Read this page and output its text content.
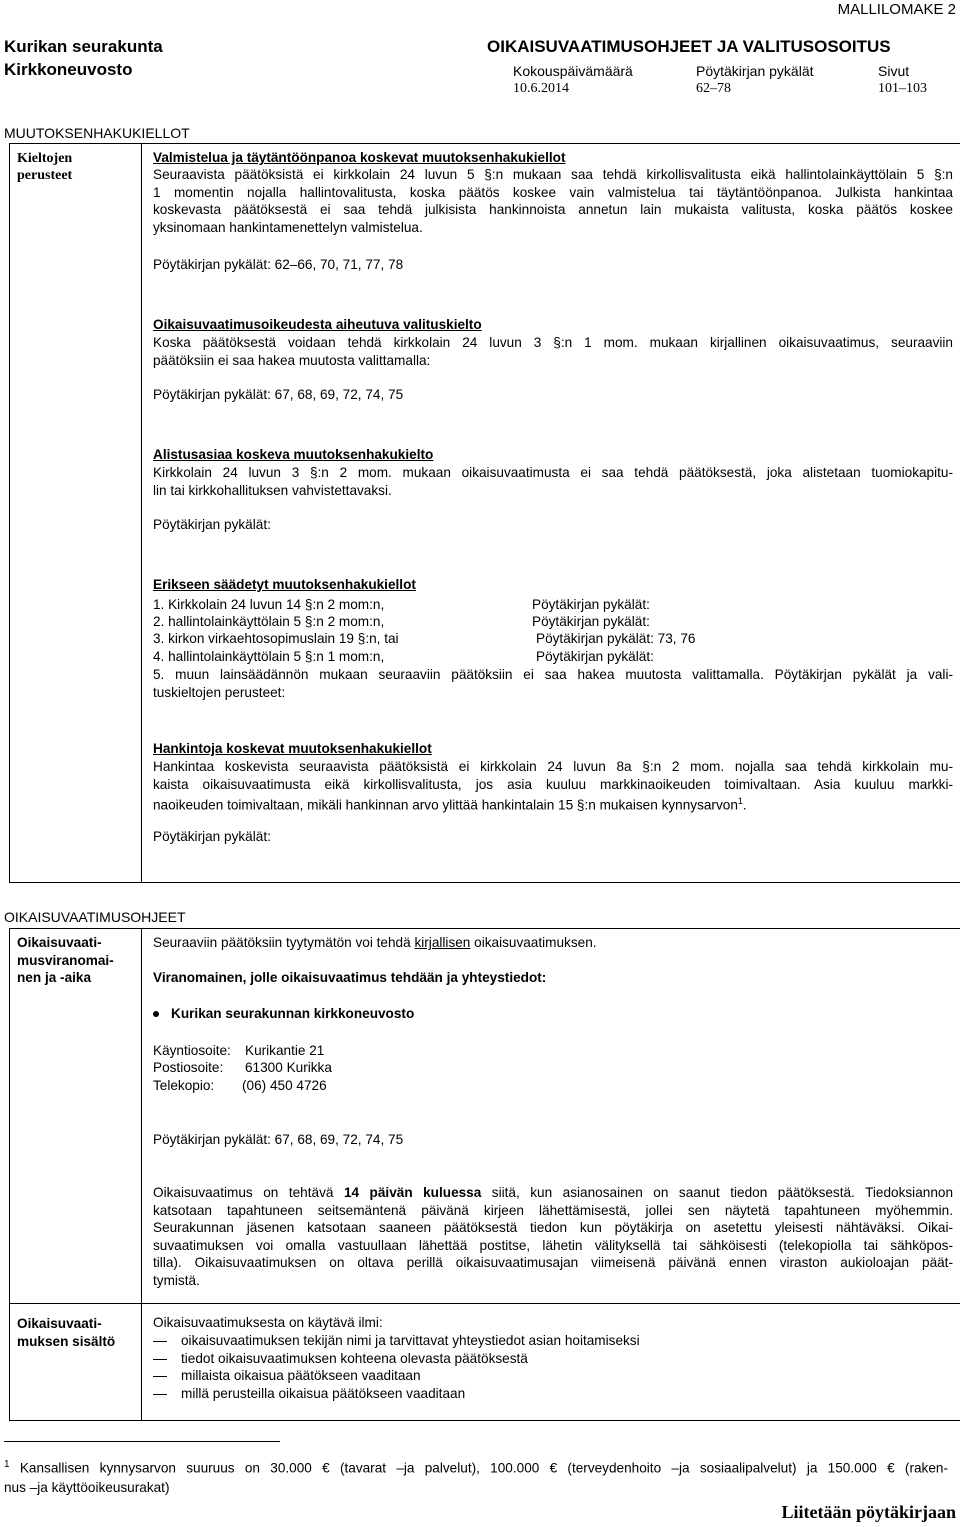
MALLILOMAKE 2
Kurikan seurakunta
Kirkkoneuvosto
OIKAISUVAATIMUSOHJEET JA VALITUSOSOITUS
Kokouspäivämäärä	Pöytäkirjan pykälät	Sivut
10.6.2014	62–78	101–103
MUUTOKSENHAKUKIELLOT
Kieltojen
perusteet
Valmistelua ja täytäntöönpanoa koskevat muutoksenhakukiellot
Seuraavista päätöksistä ei kirkkolain 24 luvun 5 §:n mukaan saa tehdä kirkollisvalitusta eikä hallintolainkäyttölain 5 §:n
1 momentin nojalla hallintovalitusta, koska päätös koskee vain valmistelua tai täytäntöönpanoa. Julkista hankintaa
koskevasta päätöksestä ei saa tehdä julkisista hankinnoista annetun lain mukaista valitusta, koska päätös koskee
yksinomaan hankintamenettelyn valmistelua.
Pöytäkirjan pykälät: 62–66, 70, 71, 77, 78
Oikaisuvaatimusoikeudesta aiheutuva valituskielto
Koska päätöksestä voidaan tehdä kirkkolain 24 luvun 3 §:n 1 mom. mukaan kirjallinen oikaisuvaatimus, seuraaviin
päätöksiin ei saa hakea muutosta valittamalla:
Pöytäkirjan pykälät: 67, 68, 69, 72, 74, 75
Alistusasiaa koskeva muutoksenhakukielto
Kirkkolain 24 luvun 3 §:n 2 mom. mukaan oikaisuvaatimusta ei saa tehdä päätöksestä, joka alistetaan tuomiokapitu-
lin tai kirkkohallituksen vahvistettavaksi.
Pöytäkirjan pykälät:
Erikseen säädetyt muutoksenhakukiellot
1. Kirkkolain 24 luvun 14 §:n 2 mom:n,	Pöytäkirjan pykälät:
2. hallintolainkäyttölain 5 §:n 2 mom:n,	Pöytäkirjan pykälät:
3. kirkon virkaehtosopimuslain 19 §:n, tai	Pöytäkirjan pykälät: 73, 76
4. hallintolainkäyttölain 5 §:n 1 mom:n,	Pöytäkirjan pykälät:
5. muun lainsäädännön mukaan seuraaviin päätöksiin ei saa hakea muutosta valittamalla. Pöytäkirjan pykälät ja vali-
tuskieltojen perusteet:
Hankintoja koskevat muutoksenhakukiellot
Hankintaa koskevista seuraavista päätöksistä ei kirkkolain 24 luvun 8a §:n 2 mom. nojalla saa tehdä kirkkolain mu-
kaista oikaisuvaatimusta eikä kirkollisvalitusta, jos asia kuuluu markkinaoikeuden toimivaltaan. Asia kuuluu markki-
naoikeuden toimivaltaan, mikäli hankinnan arvo ylittää hankintalain 15 §:n mukaisen kynnysarvon$^1$.
Pöytäkirjan pykälät:
OIKAISUVAATIMUSOHJEET
Oikaisuvaati-
musviranomai-
nen ja -aika
Seuraaviin päätöksiin tyytymätön voi tehdä kirjallisen oikaisuvaatimuksen.
Viranomainen, jolle oikaisuvaatimus tehdään ja yhteystiedot:
Kurikan seurakunnan kirkkoneuvosto
Käyntiosoite: Kurikantie 21
Postiosoite: 61300 Kurikka
Telekopio: (06) 450 4726
Pöytäkirjan pykälät: 67, 68, 69, 72, 74, 75
Oikaisuvaatimus on tehtävä 14 päivän kuluessa siitä, kun asianosainen on saanut tiedon päätöksestä. Tiedoksiannon
katsotaan tapahtuneen seitsemäntenä päivänä kirjeen lähettämisestä, jollei sen näytetä tapahtuneen myöhemmin.
Seurakunnan jäsenen katsotaan saaneen päätöksestä tiedon kun pöytäkirja on asetettu yleisesti nähtäväksi. Oikai-
suvaatimuksen voi omalla vastuullaan lähettää postitse, lähetin välityksellä tai sähköisesti (telekopiolla tai sähköpos-
tilla). Oikaisuvaatimuksen on oltava perillä oikaisuvaatimusajan viimeisenä päivänä ennen viraston aukioloajan päät-
tymistä.
Oikaisuvaati-
muksen sisältö
Oikaisuvaatimuksesta on käytävä ilmi:
oikaisuvaatimuksen tekijän nimi ja tarvittavat yhteystiedot asian hoitamiseksi
tiedot oikaisuvaatimuksen kohteena olevasta päätöksestä
millaista oikaisua päätökseen vaaditaan
millä perusteilla oikaisua päätökseen vaaditaan
$^1$ Kansallisen kynnysarvon suuruus on 30.000 € (tavarat –ja palvelut), 100.000 € (terveydenhoito –ja sosiaalipalvelut) ja 150.000 € (raken-
nus –ja käyttöoikeusurakat)
Liitetään pöytäkirjaan
